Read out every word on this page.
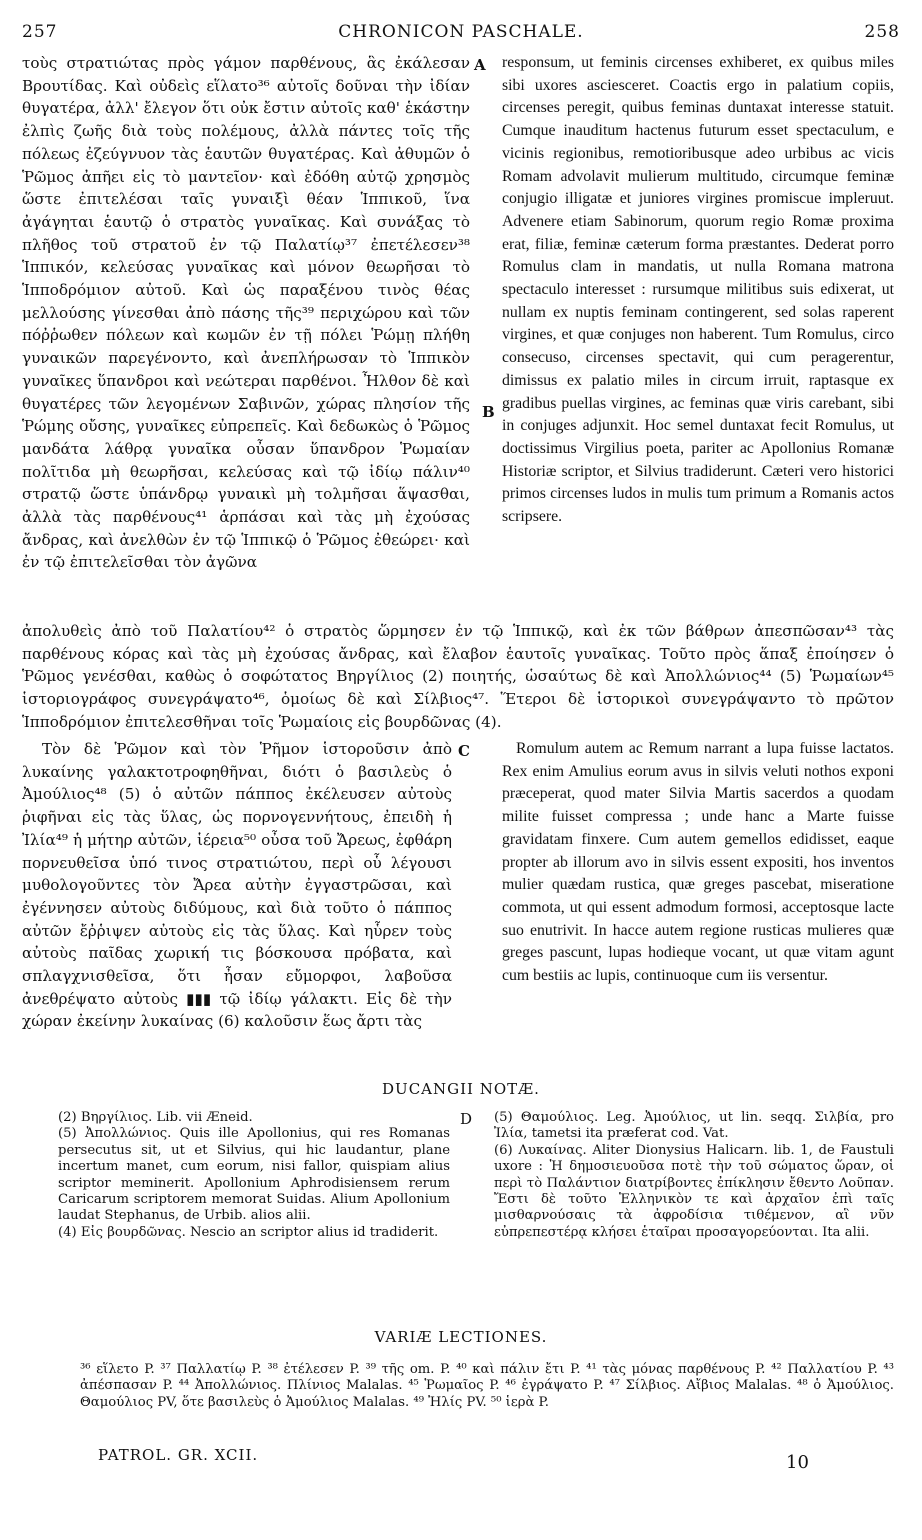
257	CHRONICON PASCHALE.	258

τοὺς στρατιώτας πρὸς γάμον παρθένους, ἃς ἐκάλεσαν Βρουτίδας. Καὶ οὐδεὶς εἵλατο³⁶ αὐτοῖς δοῦναι τὴν ἰδίαν θυγατέρα, ἀλλ' ἔλεγον ὅτι οὐκ ἔστιν αὐτοῖς καθ' ἑκάστην ἐλπὶς ζωῆς διὰ τοὺς πολέμους, ἀλλὰ πάντες τοῖς τῆς πόλεως ἐζεύγνυον τὰς ἑαυτῶν θυγατέρας. Καὶ ἀθυμῶν ὁ Ῥῶμος ἀπῆει εἰς τὸ μαντεῖον· καὶ ἐδόθη αὐτῷ χρησμὸς ὥστε ἐπιτελέσαι ταῖς γυναιξὶ θέαν Ἱππικοῦ, ἵνα ἀγάγηται ἑαυτῷ ὁ στρατὸς γυναῖκας. Καὶ συνάξας τὸ πλῆθος τοῦ στρατοῦ ἐν τῷ Παλατίῳ³⁷ ἐπετέλεσεν³⁸ Ἱππικόν, κελεύσας γυναῖκας καὶ μόνον θεωρῆσαι τὸ Ἱπποδρόμιον αὐτοῦ. Καὶ ὡς παραξένου τινὸς θέας μελλούσης γίνεσθαι ἀπὸ πάσης τῆς³⁹ περιχώρου καὶ τῶν πόῤῥωθεν πόλεων καὶ κωμῶν ἐν τῇ πόλει Ῥώμῃ πλήθη γυναικῶν παρεγένοντο, καὶ ἀνεπλήρωσαν τὸ Ἱππικὸν γυναῖκες ὕπανδροι καὶ νεώτεραι παρθένοι. Ἦλθον δὲ καὶ θυγατέρες τῶν λεγομένων Σαβινῶν, χώρας πλησίον τῆς Ῥώμης οὔσης, γυναῖκες εὐπρεπεῖς. Καὶ δεδωκὼς ὁ Ῥῶμος μανδάτα λάθρᾳ γυναῖκα οὖσαν ὕπανδρον Ῥωμαίαν πολῖτιδα μὴ θεωρῆσαι, κελεύσας καὶ τῷ ἰδίῳ πάλιν⁴⁰ στρατῷ ὥστε ὑπάνδρῳ γυναικὶ μὴ τολμῆσαι ἅψασθαι, ἀλλὰ τὰς παρθένους⁴¹ ἁρπάσαι καὶ τὰς μὴ ἐχούσας ἄνδρας, καὶ ἀνελθὼν ἐν τῷ Ἱππικῷ ὁ Ῥῶμος ἐθεώρει· καὶ ἐν τῷ ἐπιτελεῖσθαι τὸν ἀγῶνα

responsum, ut feminis circenses exhiberet, ex quibus miles sibi uxores asciesceret. Coactis ergo in palatium copiis, circenses peregit, quibus feminas duntaxat interesse statuit. Cumque inauditum hactenus futurum esset spectaculum, e vicinis regionibus, remotioribusque adeo urbibus ac vicis Romam advolavit mulierum multitudo, circumque feminæ conjugio illigatæ et juniores virgines promiscue impleruut. Advenere etiam Sabinorum, quorum regio Romæ proxima erat, filiæ, feminæ cæterum forma præstantes. Dederat porro Romulus clam in mandatis, ut nulla Romana matrona spectaculo interesset : rursumque militibus suis edixerat, ut nullam ex nuptis feminam contingerent, sed solas raperent virgines, et quæ conjuges non haberent. Tum Romulus, circo consecuso, circenses spectavit, qui cum peragerentur, dimissus ex palatio miles in circum irruit, raptasque ex gradibus puellas virgines, ac feminas quæ viris carebant, sibi in conjuges adjunxit. Hoc semel duntaxat fecit Romulus, ut doctissimus Virgilius poeta, pariter ac Apollonius Romanæ Historiæ scriptor, et Silvius tradiderunt. Cæteri vero historici primos circenses ludos in mulis tum primum a Romanis actos scripsere.

A
B
ἀπολυθεὶς ἀπὸ τοῦ Παλατίου⁴² ὁ στρατὸς ὥρμησεν ἐν τῷ Ἱππικῷ, καὶ ἐκ τῶν βάθρων ἀπεσπῶσαν⁴³ τὰς παρθένους κόρας καὶ τὰς μὴ ἐχούσας ἄνδρας, καὶ ἔλαβον ἑαυτοῖς γυναῖκας. Τοῦτο πρὸς ἅπαξ ἐποίησεν ὁ Ῥῶμος γενέσθαι, καθὼς ὁ σοφώτατος Βηργίλιος (2) ποιητής, ὡσαύτως δὲ καὶ Ἀπολλώνιος⁴⁴ (5) Ῥωμαίων⁴⁵ ἱστοριογράφος συνεγράψατο⁴⁶, ὁμοίως δὲ καὶ Σίλβιος⁴⁷. Ἕτεροι δὲ ἱστορικοὶ συνεγράψαντο τὸ πρῶτον Ἱπποδρόμιον ἐπιτελεσθῆναι τοῖς Ῥωμαίοις εἰς βουρδῶνας (4).

Τὸν δὲ Ῥῶμον καὶ τὸν Ῥῆμον ἱστοροῦσιν ἀπὸ λυκαίνης γαλακτοτροφηθῆναι, διότι ὁ βασιλεὺς ὁ Ἀμούλιος⁴⁸ (5) ὁ αὐτῶν πάππος ἐκέλευσεν αὐτοὺς ῥιφῆναι εἰς τὰς ὕλας, ὡς πορνογεννήτους, ἐπειδὴ ἡ Ἰλία⁴⁹ ἡ μήτηρ αὐτῶν, ἱέρεια⁵⁰ οὖσα τοῦ Ἄρεως, ἐφθάρη πορνευθεῖσα ὑπό τινος στρατιώτου, περὶ οὗ λέγουσι μυθολογοῦντες τὸν Ἄρεα αὐτὴν ἐγγαστρῶσαι, καὶ ἐγέννησεν αὐτοὺς διδύμους, καὶ διὰ τοῦτο ὁ πάππος αὐτῶν ἔῤῥιψεν αὐτοὺς εἰς τὰς ὕλας. Καὶ ηὗρεν τοὺς αὐτοὺς παῖδας χωρική τις βόσκουσα πρόβατα, καὶ σπλαγχνισθεῖσα, ὅτι ἦσαν εὔμορφοι, λαβοῦσα ἀνεθρέψατο αὐτοὺς ▮▮▮ τῷ ἰδίῳ γάλακτι. Εἰς δὲ τὴν χώραν ἐκείνην λυκαίνας (6) καλοῦσιν ἕως ἄρτι τὰς

C	Romulum autem ac Remum narrant a lupa fuisse lactatos. Rex enim Amulius eorum avus in silvis veluti nothos exponi præceperat, quod mater Silvia Martis sacerdos a quodam milite fuisset compressa ; unde hanc a Marte fuisse gravidatam finxere. Cum autem gemellos edidisset, eaque propter ab illorum avo in silvis essent expositi, hos inventos mulier quædam rustica, quæ greges pascebat, miseratione commota, ut qui essent admodum formosi, acceptosque lacte suo enutrivit. In hacce autem regione rusticas mulieres quæ greges pascunt, lupas hodieque vocant, ut quæ vitam agunt cum bestiis ac lupis, continuoque cum iis versentur.

DUCANGII NOTÆ.

(2) Βηργίλιος. Lib. vii Æneid.

(5) Ἀπολλώνιος. Quis ille Apollonius, qui res Romanas persecutus sit, ut et Silvius, qui hic laudantur, plane incertum manet, cum eorum, nisi fallor, quispiam alius scriptor meminerit. Apollonium Aphrodisiensem rerum Caricarum scriptorem memorat Suidas. Alium Apollonium laudat Stephanus, de Urbib. alios alii.

(4) Εἰς βουρδῶνας. Nescio an scriptor alius id tradiderit.

D (5) Θαμούλιος. Leg. Ἀμούλιος, ut lin. seqq. Σιλβία, pro Ἰλία, tametsi ita præferat cod. Vat.

(6) Λυκαίνας. Aliter Dionysius Halicarn. lib. 1, de Faustuli uxore : Ἡ δημοσιευοῦσα ποτὲ τὴν τοῦ σώματος ὥραν, οἱ περὶ τὸ Παλάντιον διατρίβοντες ἐπίκλησιν ἔθεντο Λοῦπαν. Ἔστι δὲ τοῦτο Ἑλληνικὸν τε καὶ ἀρχαῖον ἐπὶ ταῖς μισθαρνούσαις τὰ ἀφροδίσια τιθέμενον, αἳ νῦν εὐπρεπεστέρᾳ κλήσει ἑταῖραι προσαγορεύονται. Ita alii.

VARIÆ LECTIONES.
³⁶ εἵλετο P. ³⁷ Παλλατίῳ P. ³⁸ ἐτέλεσεν P. ³⁹ τῆς om. P. ⁴⁰ καὶ πάλιν ἔτι P. ⁴¹ τὰς μόνας παρθένους P. ⁴² Παλλατίου P. ⁴³ ἀπέσπασαν P. ⁴⁴ Ἀπολλώνιος. Πλίνιος Malalas. ⁴⁵ Ῥωμαῖος P. ⁴⁶ ἐγράψατο P. ⁴⁷ Σίλβιος. Αἴβιος Malalas. ⁴⁸ ὁ Ἀμούλιος. Θαμούλιος PV, ὅτε βασιλεὺς ὁ Ἀμούλιος Malalas. ⁴⁹ Ἠλίς PV. ⁵⁰ ἱερὰ P.
PATROL. GR. XCII.	10
